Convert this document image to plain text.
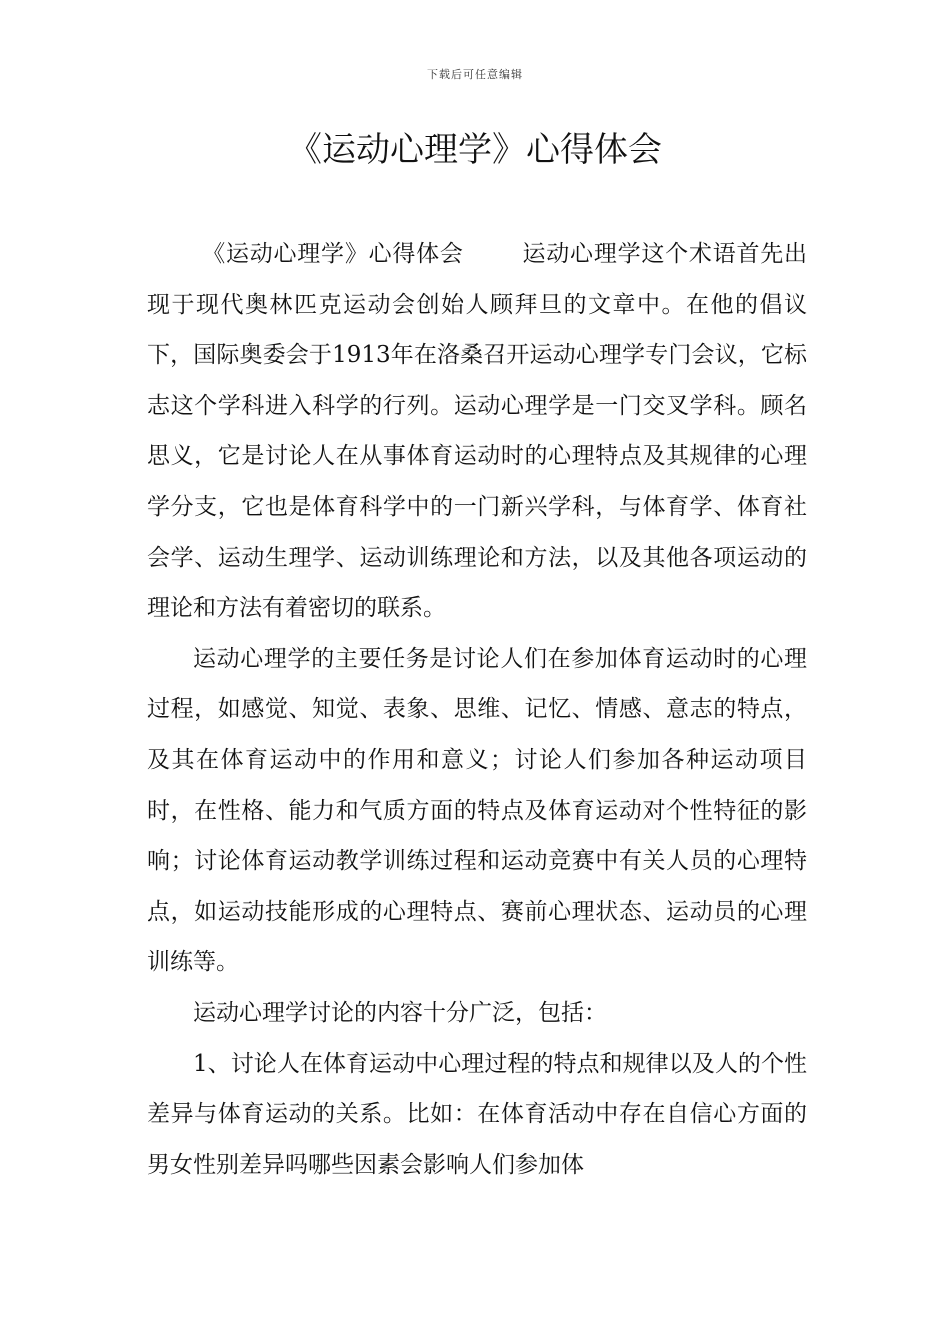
下载后可任意编辑
《运动心理学》心得体会

《运动心理学》心得体会	运动心理学这个术语首先出现于现代奥林匹克运动会创始人顾拜旦的文章中。在他的倡议下，国际奥委会于1913年在洛桑召开运动心理学专门会议，它标志这个学科进入科学的行列。运动心理学是一门交叉学科。顾名思义，它是讨论人在从事体育运动时的心理特点及其规律的心理学分支，它也是体育科学中的一门新兴学科，与体育学、体育社会学、运动生理学、运动训练理论和方法，以及其他各项运动的理论和方法有着密切的联系。

运动心理学的主要任务是讨论人们在参加体育运动时的心理过程，如感觉、知觉、表象、思维、记忆、情感、意志的特点，及其在体育运动中的作用和意义；讨论人们参加各种运动项目时，在性格、能力和气质方面的特点及体育运动对个性特征的影响；讨论体育运动教学训练过程和运动竞赛中有关人员的心理特点，如运动技能形成的心理特点、赛前心理状态、运动员的心理训练等。

运动心理学讨论的内容十分广泛，包括：

1、讨论人在体育运动中心理过程的特点和规律以及人的个性差异与体育运动的关系。比如：在体育活动中存在自信心方面的男女性别差异吗哪些因素会影响人们参加体
